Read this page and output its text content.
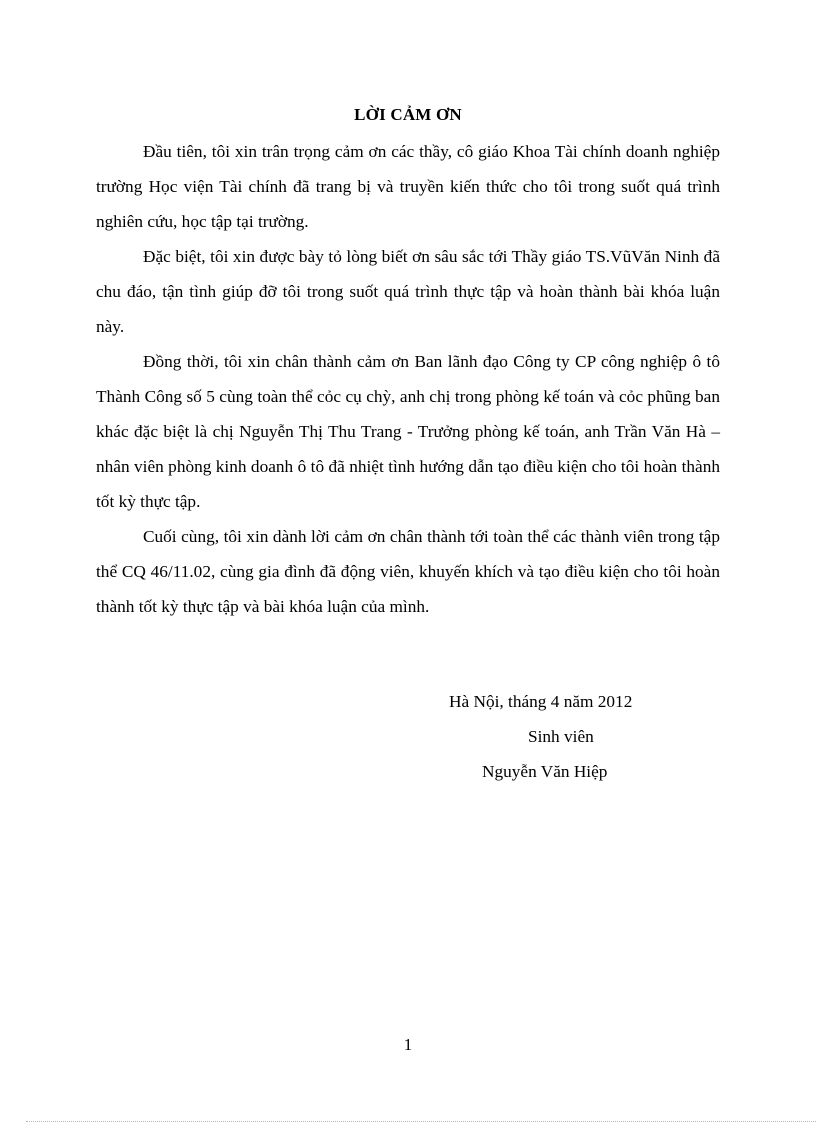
LỜI CẢM ƠN

Đầu tiên, tôi xin trân trọng cảm ơn các thầy, cô giáo Khoa Tài chính doanh nghiệp trường Học viện Tài chính đã trang bị và truyền kiến thức cho tôi trong suốt quá trình nghiên cứu, học tập tại trường.

Đặc biệt, tôi xin được bày tỏ lòng biết ơn sâu sắc tới Thầy giáo TS.VũVăn Ninh đã chu đáo, tận tình giúp đỡ tôi trong suốt quá trình thực tập và hoàn thành bài khóa luận này.

Đồng thời, tôi xin chân thành cảm ơn Ban lãnh đạo Công ty CP công nghiệp ô tô Thành Công số 5 cùng toàn thể cỏc cụ chỳ, anh chị trong phòng kế toán và cỏc phũng ban khác đặc biệt là chị Nguyễn Thị Thu Trang - Trưởng phòng kế toán, anh Trần Văn Hà – nhân viên phòng kinh doanh ô tô đã nhiệt tình hướng dẫn tạo điều kiện cho tôi hoàn thành tốt kỳ thực tập.

Cuối cùng, tôi xin dành lời cảm ơn chân thành tới toàn thể các thành viên trong tập thể CQ 46/11.02, cùng gia đình đã động viên, khuyến khích và tạo điều kiện cho tôi hoàn thành tốt kỳ thực tập và bài khóa luận của mình.

Hà Nội, tháng 4 năm 2012
Sinh viên
Nguyễn Văn Hiệp
1
